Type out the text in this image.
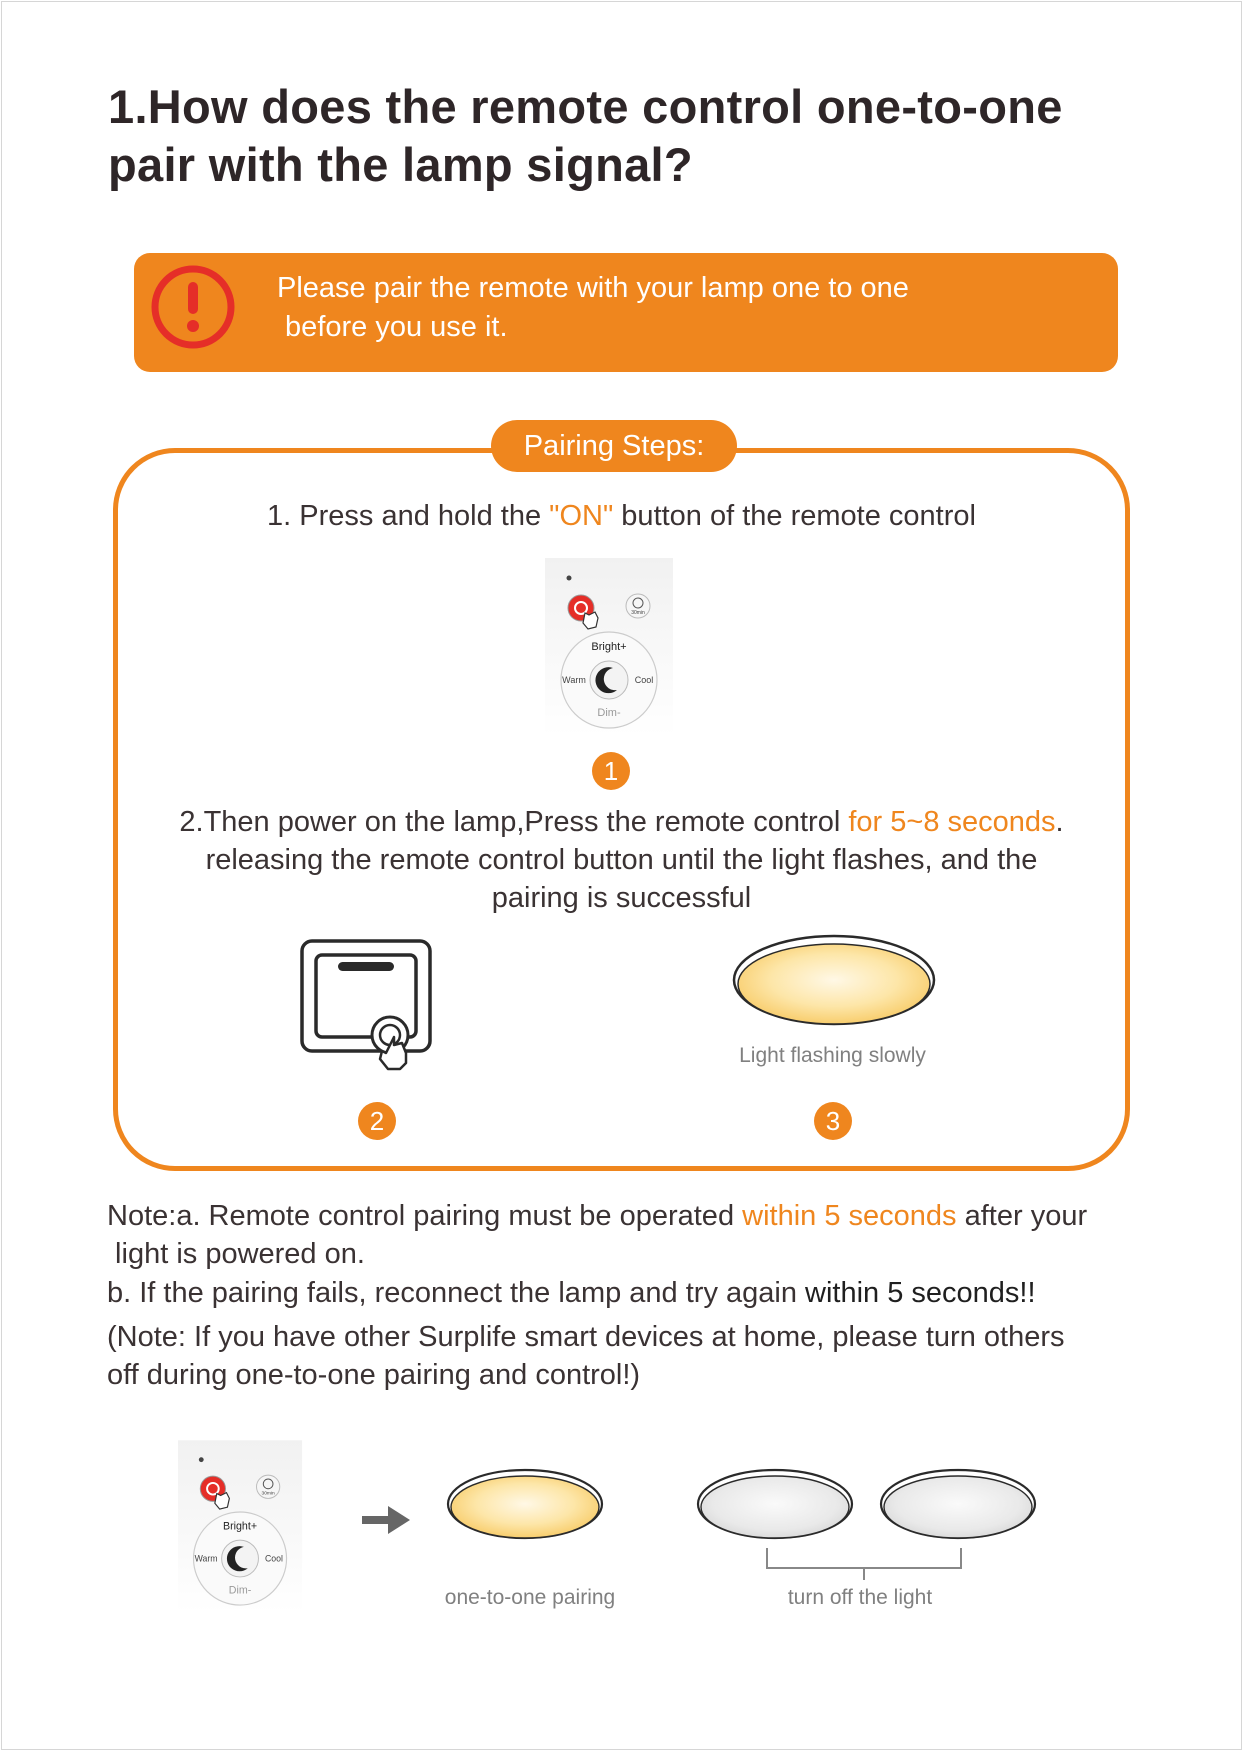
1.How does the remote control one-to-one
pair with the lamp signal?
Please pair the remote with your lamp one to one
before you use it.
Pairing Steps:
1. Press and hold the "ON" button of the remote control
Bright+
Warm	Cool
Dim-
30min
1
2.Then power on the lamp,Press the remote control for 5~8 seconds.
releasing the remote control button until the light flashes, and the
pairing is successful
Light flashing slowly
2	3
Note:a. Remote control pairing must be operated within 5 seconds after your
light is powered on.
b. If the pairing fails, reconnect the lamp and try again within 5 seconds!!
(Note: If you have other Surplife smart devices at home, please turn others
off during one-to-one pairing and control!)
Bright+
Warm	Cool
Dim-
30min
one-to-one pairing	turn off the light
